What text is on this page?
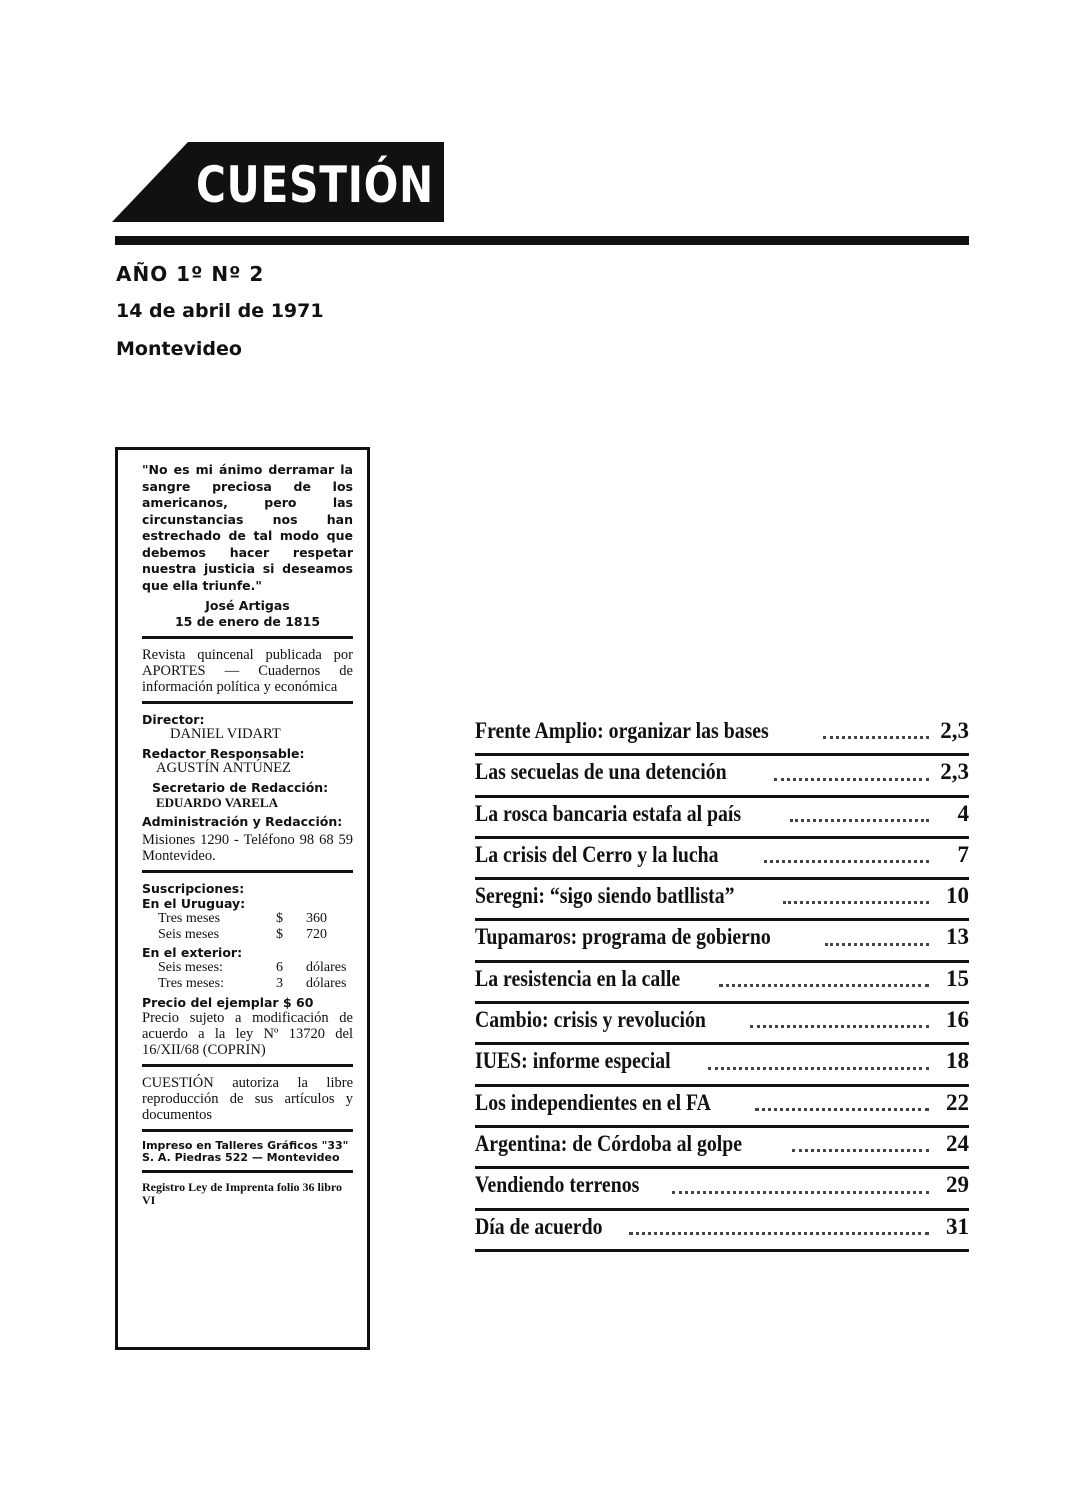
CUESTIÓN
AÑO 1º Nº 2
14 de abril de 1971
Montevideo
"No es mi ánimo derramar la sangre preciosa de los americanos, pero las circunstancias nos han estrechado de tal modo que debemos hacer respetar nuestra justicia si deseamos que ella triunfe."
José Artigas
15 de enero de 1815
Revista quincenal publicada por APORTES — Cuadernos de información política y económica
Director:
DANIEL VIDART
Redactor Responsable:
AGUSTÍN ANTÚNEZ
Secretario de Redacción:
EDUARDO VARELA
Administración y Redacción:
Misiones 1290 - Teléfono 98 68 59 Montevideo.
Suscripciones:
En el Uruguay:
Tres meses	$	360
Seis meses	$	720
En el exterior:
Seis meses:	6	dólares
Tres meses:	3	dólares
Precio del ejemplar $ 60
Precio sujeto a modificación de acuerdo a la ley Nº 13720 del 16/XII/68 (COPRIN)
CUESTIÓN autoriza la libre reproducción de sus artículos y documentos
Impreso en Talleres Gráficos "33" S. A. Piedras 522 — Montevideo
Registro Ley de Imprenta folio 36 libro VI
Frente Amplio: organizar las bases	2,3
Las secuelas de una detención	2,3
La rosca bancaria estafa al país	4
La crisis del Cerro y la lucha	7
Seregni: “sigo siendo batllista”	10
Tupamaros: programa de gobierno	13
La resistencia en la calle	15
Cambio: crisis y revolución	16
IUES: informe especial	18
Los independientes en el FA	22
Argentina: de Córdoba al golpe	24
Vendiendo terrenos	29
Día de acuerdo	31
